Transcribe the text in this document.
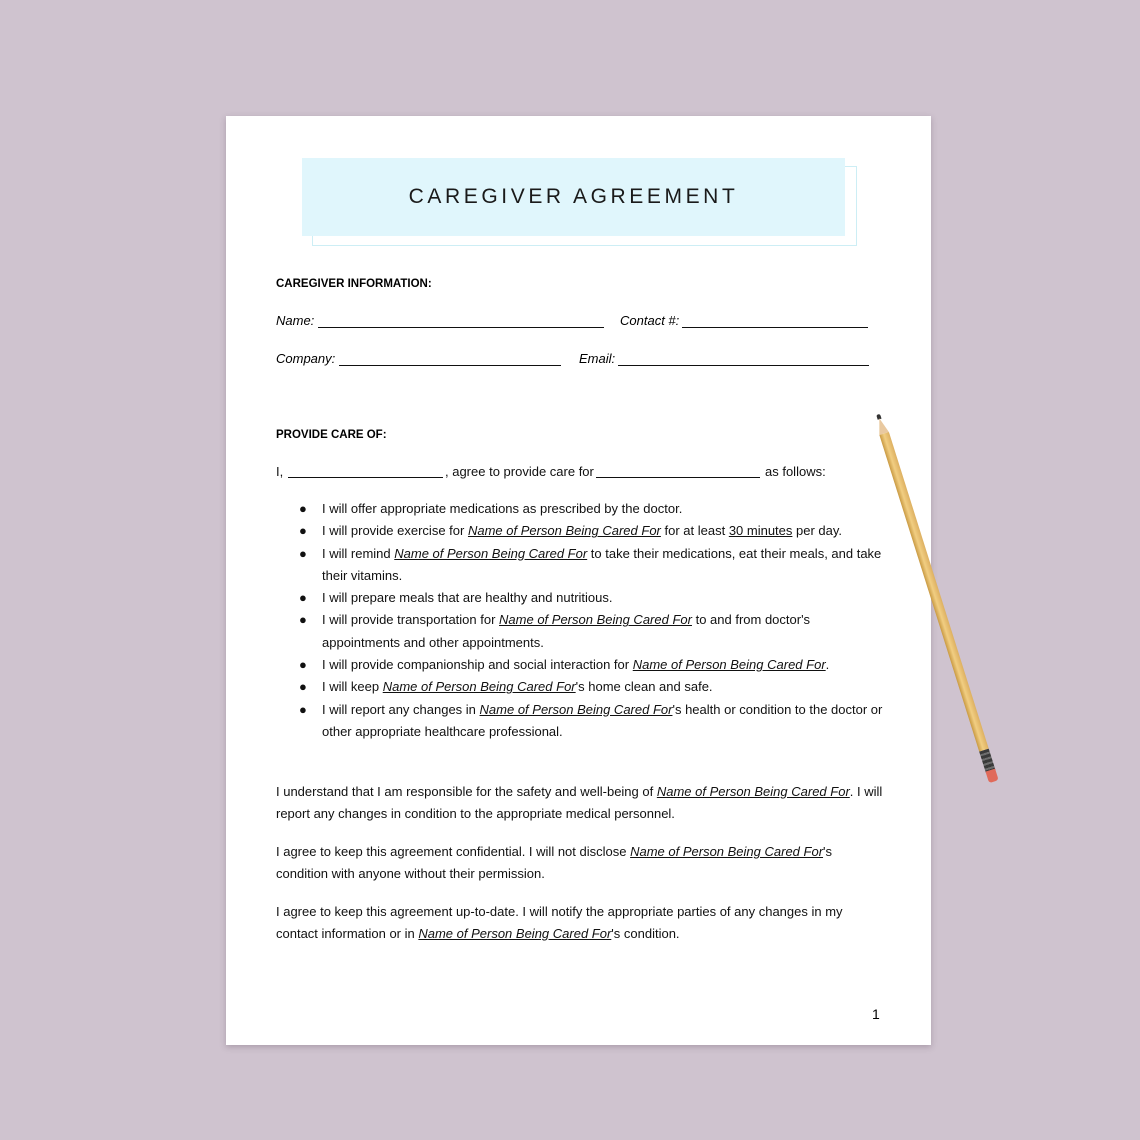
CAREGIVER AGREEMENT
CAREGIVER INFORMATION:
Name:	Contact #:
Company:	Email:
PROVIDE CARE OF:
I,	, agree to provide care for	as follows:
● I will offer appropriate medications as prescribed by the doctor.
● I will provide exercise for Name of Person Being Cared For for at least 30 minutes per day.
● I will remind Name of Person Being Cared For to take their medications, eat their meals, and take their vitamins.
● I will prepare meals that are healthy and nutritious.
● I will provide transportation for Name of Person Being Cared For to and from doctor's appointments and other appointments.
● I will provide companionship and social interaction for Name of Person Being Cared For.
● I will keep Name of Person Being Cared For's home clean and safe.
● I will report any changes in Name of Person Being Cared For's health or condition to the doctor or other appropriate healthcare professional.
I understand that I am responsible for the safety and well-being of Name of Person Being Cared For. I will report any changes in condition to the appropriate medical personnel.
I agree to keep this agreement confidential. I will not disclose Name of Person Being Cared For's condition with anyone without their permission.
I agree to keep this agreement up-to-date. I will notify the appropriate parties of any changes in my contact information or in Name of Person Being Cared For's condition.
1
